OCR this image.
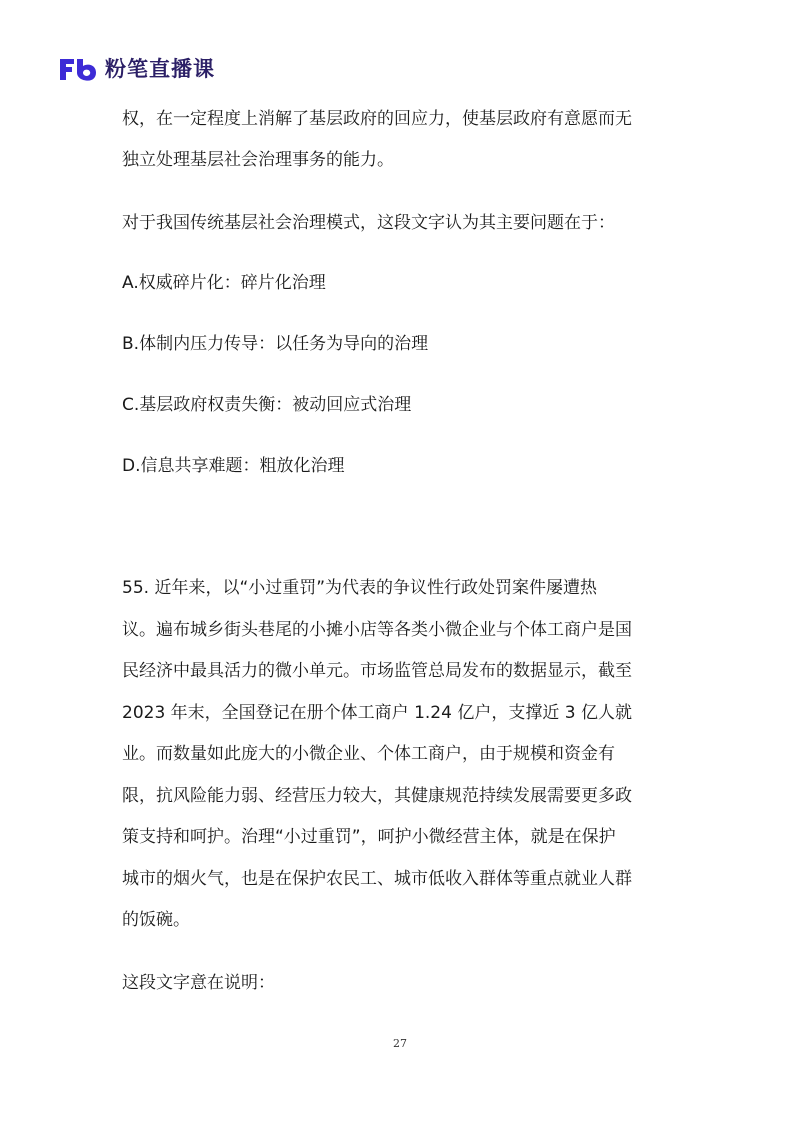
粉笔直播课
权，在一定程度上消解了基层政府的回应力，使基层政府有意愿而无
独立处理基层社会治理事务的能力。
对于我国传统基层社会治理模式，这段文字认为其主要问题在于：
A.权威碎片化：碎片化治理
B.体制内压力传导：以任务为导向的治理
C.基层政府权责失衡：被动回应式治理
D.信息共享难题：粗放化治理
55. 近年来，以“小过重罚”为代表的争议性行政处罚案件屡遭热
议。遍布城乡街头巷尾的小摊小店等各类小微企业与个体工商户是国
民经济中最具活力的微小单元。市场监管总局发布的数据显示，截至
2023 年末，全国登记在册个体工商户 1.24 亿户，支撑近 3 亿人就
业。而数量如此庞大的小微企业、个体工商户，由于规模和资金有
限，抗风险能力弱、经营压力较大，其健康规范持续发展需要更多政
策支持和呵护。治理“小过重罚”，呵护小微经营主体，就是在保护
城市的烟火气，也是在保护农民工、城市低收入群体等重点就业人群
的饭碗。
这段文字意在说明：
27
